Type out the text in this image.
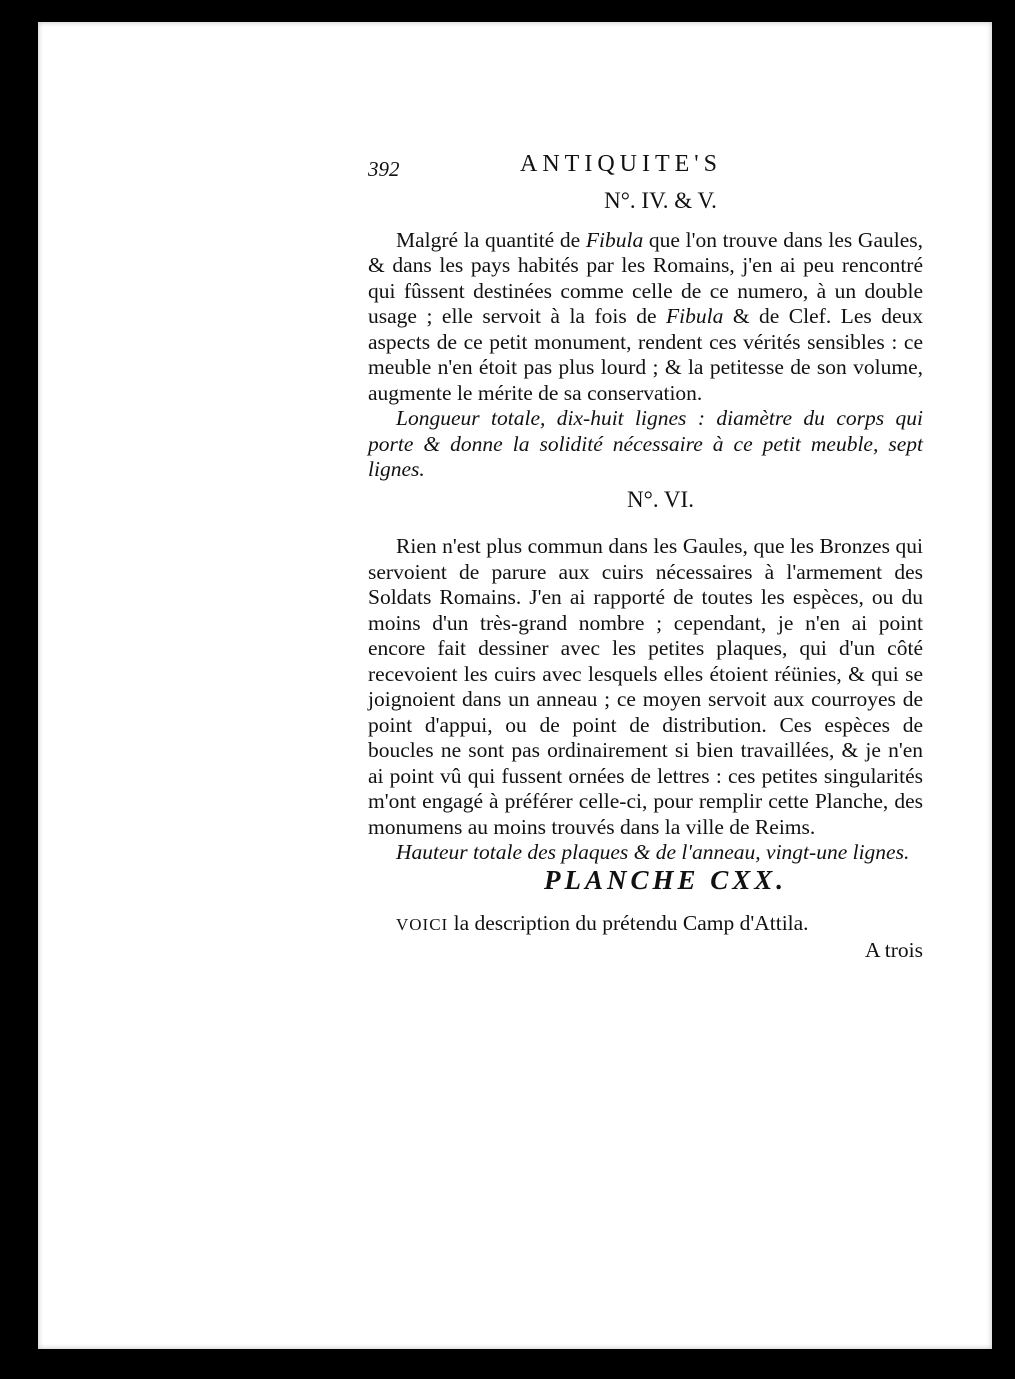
392	ANTIQUITE'S
N°. IV. & V.

Malgré la quantité de Fibula que l'on trouve dans les Gaules, & dans les pays habités par les Romains, j'en ai peu rencontré qui fûssent destinées comme celle de ce numero, à un double usage ; elle servoit à la fois de Fibula & de Clef. Les deux aspects de ce petit monument, rendent ces vérités sensibles : ce meuble n'en étoit pas plus lourd ; & la petitesse de son volume, augmente le mérite de sa conservation.

Longueur totale, dix-huit lignes : diamètre du corps qui porte & donne la solidité nécessaire à ce petit meuble, sept lignes.

N°. VI.

Rien n'est plus commun dans les Gaules, que les Bronzes qui servoient de parure aux cuirs nécessaires à l'armement des Soldats Romains. J'en ai rapporté de toutes les espèces, ou du moins d'un très-grand nombre ; cependant, je n'en ai point encore fait dessiner avec les petites plaques, qui d'un côté recevoient les cuirs avec lesquels elles étoient réünies, & qui se joignoient dans un anneau ; ce moyen servoit aux courroyes de point d'appui, ou de point de distribution. Ces espèces de boucles ne sont pas ordinairement si bien travaillées, & je n'en ai point vû qui fussent ornées de lettres : ces petites singularités m'ont engagé à préférer celle-ci, pour remplir cette Planche, des monumens au moins trouvés dans la ville de Reims.

Hauteur totale des plaques & de l'anneau, vingt-une lignes.

PLANCHE CXX.

VOICI la description du prétendu Camp d'Attila.

A trois
